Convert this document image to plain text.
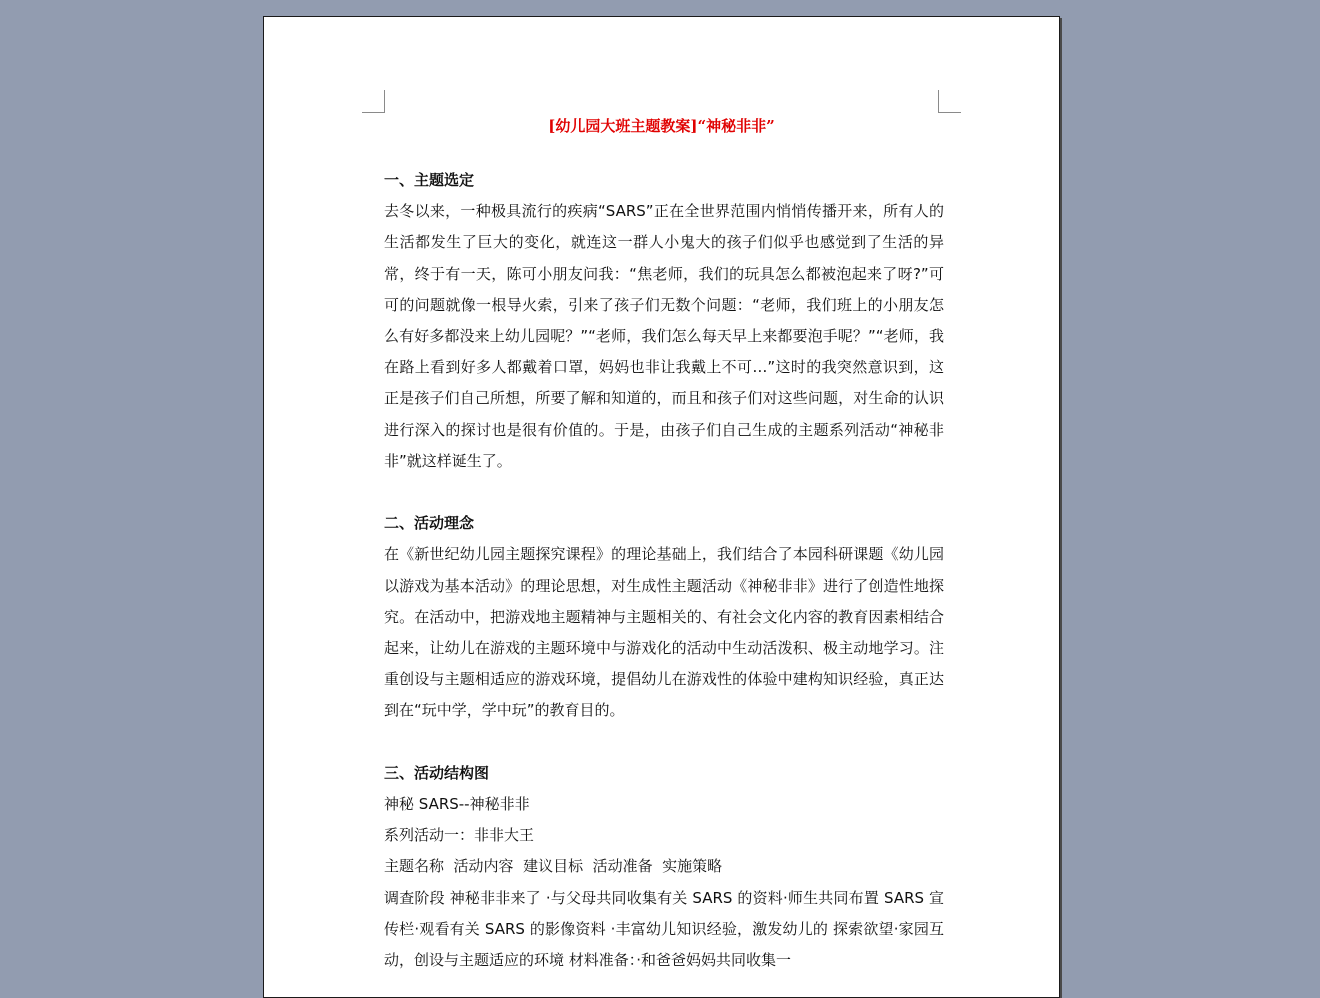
[幼儿园大班主题教案]“神秘非非”
一、主题选定
去冬以来，一种极具流行的疾病“SARS”正在全世界范围内悄悄传播开来，所有人的生活都发生了巨大的变化，就连这一群人小鬼大的孩子们似乎也感觉到了生活的异常，终于有一天，陈可小朋友问我：“焦老师，我们的玩具怎么都被泡起来了呀?”可可的问题就像一根导火索，引来了孩子们无数个问题：“老师，我们班上的小朋友怎么有好多都没来上幼儿园呢？”“老师，我们怎么每天早上来都要泡手呢？”“老师，我在路上看到好多人都戴着口罩，妈妈也非让我戴上不可…”这时的我突然意识到，这正是孩子们自己所想，所要了解和知道的，而且和孩子们对这些问题，对生命的认识进行深入的探讨也是很有价值的。于是，由孩子们自己生成的主题系列活动“神秘非非”就这样诞生了。
二、活动理念
在《新世纪幼儿园主题探究课程》的理论基础上，我们结合了本园科研课题《幼儿园以游戏为基本活动》的理论思想，对生成性主题活动《神秘非非》进行了创造性地探究。在活动中，把游戏地主题精神与主题相关的、有社会文化内容的教育因素相结合起来，让幼儿在游戏的主题环境中与游戏化的活动中生动活泼积、极主动地学习。注重创设与主题相适应的游戏环境，提倡幼儿在游戏性的体验中建构知识经验，真正达到在“玩中学，学中玩”的教育目的。
三、活动结构图
神秘 SARS--神秘非非
系列活动一：非非大王
主题名称  活动内容  建议目标  活动准备  实施策略
调查阶段 神秘非非来了 ·与父母共同收集有关 SARS 的资料·师生共同布置 SARS 宣传栏·观看有关 SARS 的影像资料 ·丰富幼儿知识经验，激发幼儿的 探索欲望·家园互动，创设与主题适应的环境 材料准备：·和爸爸妈妈共同收集一
